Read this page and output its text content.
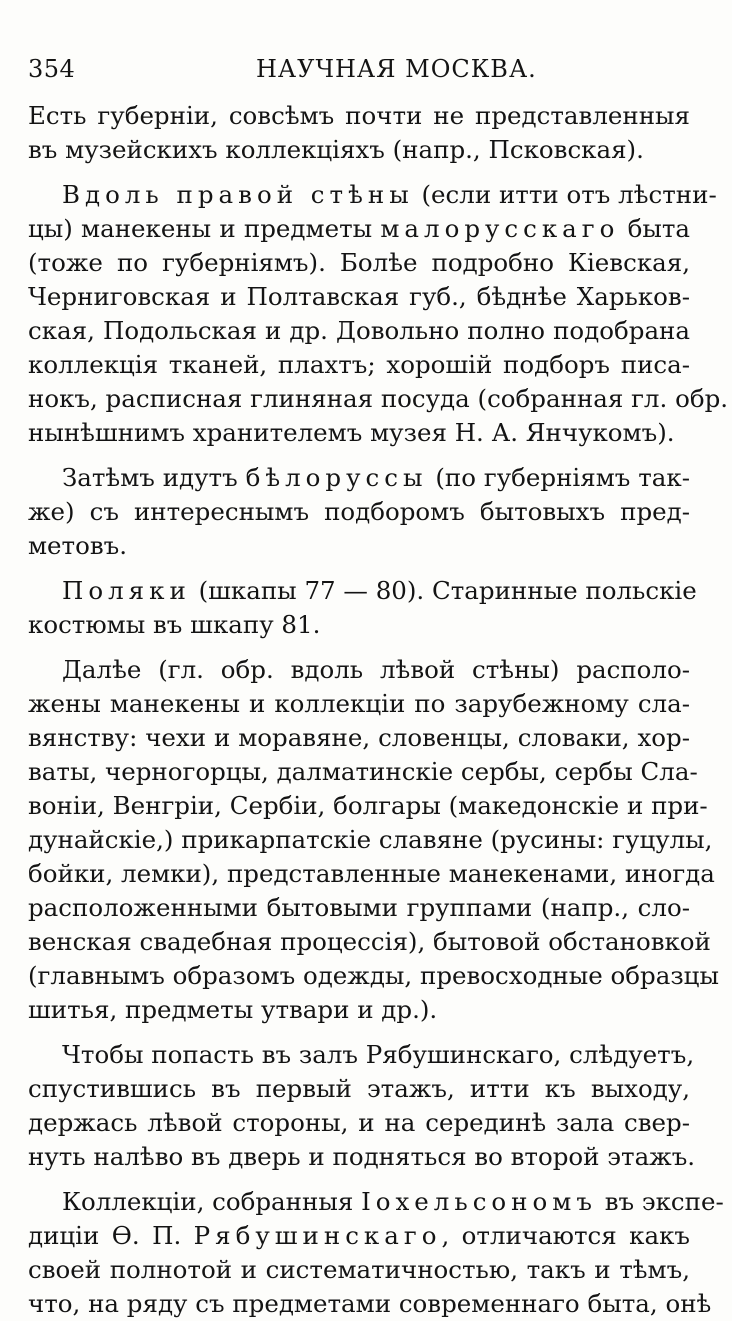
354	НАУЧНАЯ МОСКВА.
Есть губерніи, совсѣмъ почти не представленныя
въ музейскихъ коллекціяхъ (напр., Псковская).
Вдоль правой стѣны (если итти отъ лѣстни-
цы) манекены и предметы малорусскаго быта
(тоже по губерніямъ). Болѣе подробно Кіевская,
Черниговская и Полтавская губ., бѣднѣе Харьков-
ская, Подольская и др. Довольно полно подобрана
коллекція тканей, плахтъ; хорошій подборъ писа-
нокъ, расписная глиняная посуда (собранная гл. обр.
нынѣшнимъ хранителемъ музея Н. А. Янчукомъ).
Затѣмъ идутъ бѣлоруссы (по губерніямъ так-
же) съ интереснымъ подборомъ бытовыхъ пред-
метовъ.
Поляки (шкапы 77 — 80). Старинные польскіе
костюмы въ шкапу 81.
Далѣе (гл. обр. вдоль лѣвой стѣны) располо-
жены манекены и коллекціи по зарубежному сла-
вянству: чехи и моравяне, словенцы, словаки, хор-
ваты, черногорцы, далматинскіе сербы, сербы Сла-
воніи, Венгріи, Сербіи, болгары (македонскіе и при-
дунайскіе,) прикарпатскіе славяне (русины: гуцулы,
бойки, лемки), представленные манекенами, иногда
расположенными бытовыми группами (напр., сло-
венская свадебная процессія), бытовой обстановкой
(главнымъ образомъ одежды, превосходные образцы
шитья, предметы утвари и др.).
Чтобы попасть въ залъ Рябушинскаго, слѣдуетъ,
спустившись въ первый этажъ, итти къ выходу,
держась лѣвой стороны, и на серединѣ зала свер-
нуть налѣво въ дверь и подняться во второй этажъ.
Коллекціи, собранныя Іохельсономъ въ экспе-
диціи Ѳ. П. Рябушинскаго, отличаются какъ
своей полнотой и систематичностью, такъ и тѣмъ,
что, на ряду съ предметами современнаго быта, онѣ
